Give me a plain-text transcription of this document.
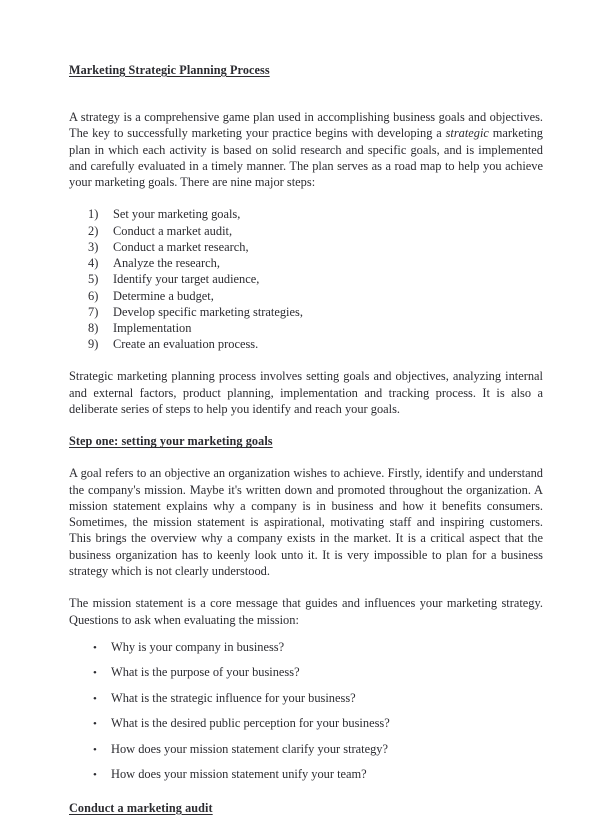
Marketing Strategic Planning Process

A strategy is a comprehensive game plan used in accomplishing business goals and objectives. The key to successfully marketing your practice begins with developing a strategic marketing plan in which each activity is based on solid research and specific goals, and is implemented and carefully evaluated in a timely manner. The plan serves as a road map to help you achieve your marketing goals. There are nine major steps:

1)	Set your marketing goals,
2)	Conduct a market audit,
3)	Conduct a market research,
4)	Analyze the research,
5)	Identify your target audience,
6)	Determine a budget,
7)	Develop specific marketing strategies,
8)	Implementation
9)	Create an evaluation process.

Strategic marketing planning process involves setting goals and objectives, analyzing internal and external factors, product planning, implementation and tracking process. It is also a deliberate series of steps to help you identify and reach your goals.

Step one: setting your marketing goals

A goal refers to an objective an organization wishes to achieve. Firstly, identify and understand the company's mission. Maybe it's written down and promoted throughout the organization. A mission statement explains why a company is in business and how it benefits consumers. Sometimes, the mission statement is aspirational, motivating staff and inspiring customers. This brings the overview why a company exists in the market. It is a critical aspect that the business organization has to keenly look unto it. It is very impossible to plan for a business strategy which is not clearly understood.

The mission statement is a core message that guides and influences your marketing strategy. Questions to ask when evaluating the mission:

•	Why is your company in business?
•	What is the purpose of your business?
•	What is the strategic influence for your business?
•	What is the desired public perception for your business?
•	How does your mission statement clarify your strategy?
•	How does your mission statement unify your team?
Conduct a marketing audit
